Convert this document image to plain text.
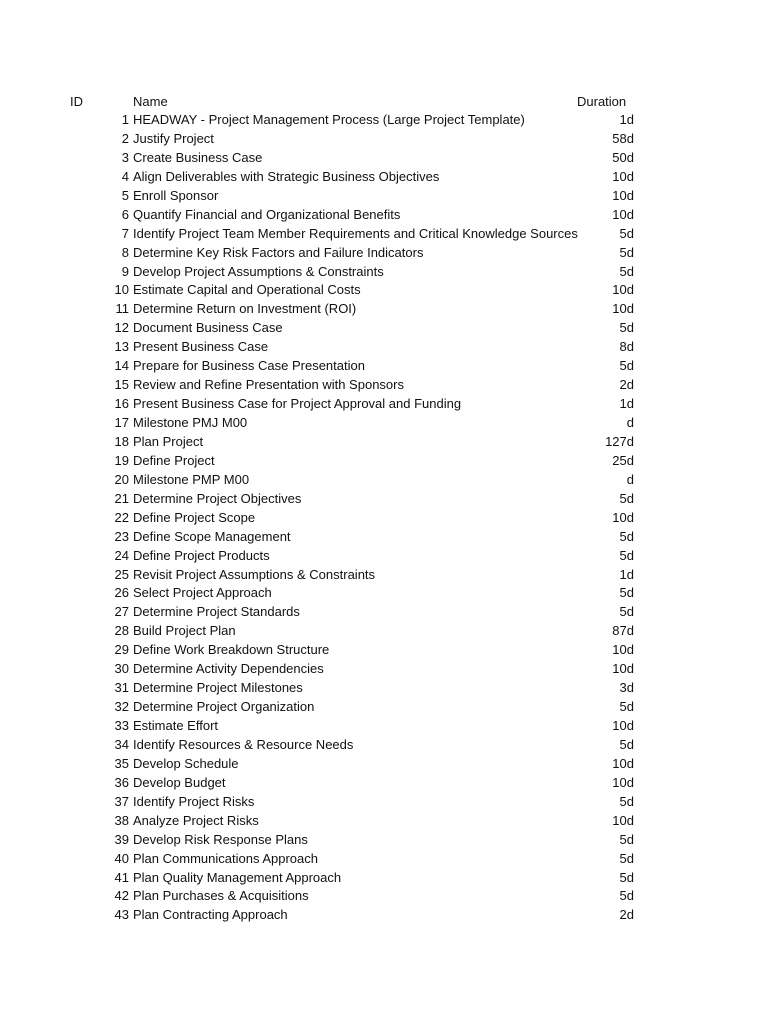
ID	Name	Duration
1 HEADWAY - Project Management Process (Large Project Template)	1d
2 Justify Project	58d
3 Create Business Case	50d
4 Align Deliverables with Strategic Business Objectives	10d
5 Enroll Sponsor	10d
6 Quantify Financial and Organizational Benefits	10d
7 Identify Project Team Member Requirements and Critical Knowledge Sources	5d
8 Determine Key Risk Factors and Failure Indicators	5d
9 Develop Project Assumptions & Constraints	5d
10 Estimate Capital and Operational Costs	10d
11 Determine Return on Investment (ROI)	10d
12 Document Business Case	5d
13 Present Business Case	8d
14 Prepare for Business Case Presentation	5d
15 Review and Refine Presentation with Sponsors	2d
16 Present Business Case for Project Approval and Funding	1d
17 Milestone PMJ M00	d
18 Plan Project	127d
19 Define Project	25d
20 Milestone PMP M00	d
21 Determine Project Objectives	5d
22 Define Project Scope	10d
23 Define Scope Management	5d
24 Define Project Products	5d
25 Revisit Project Assumptions & Constraints	1d
26 Select Project Approach	5d
27 Determine Project Standards	5d
28 Build Project Plan	87d
29 Define Work Breakdown Structure	10d
30 Determine Activity Dependencies	10d
31 Determine Project Milestones	3d
32 Determine Project Organization	5d
33 Estimate Effort	10d
34 Identify Resources & Resource Needs	5d
35 Develop Schedule	10d
36 Develop Budget	10d
37 Identify Project Risks	5d
38 Analyze Project Risks	10d
39 Develop Risk Response Plans	5d
40 Plan Communications Approach	5d
41 Plan Quality Management Approach	5d
42 Plan Purchases & Acquisitions	5d
43 Plan Contracting Approach	2d
